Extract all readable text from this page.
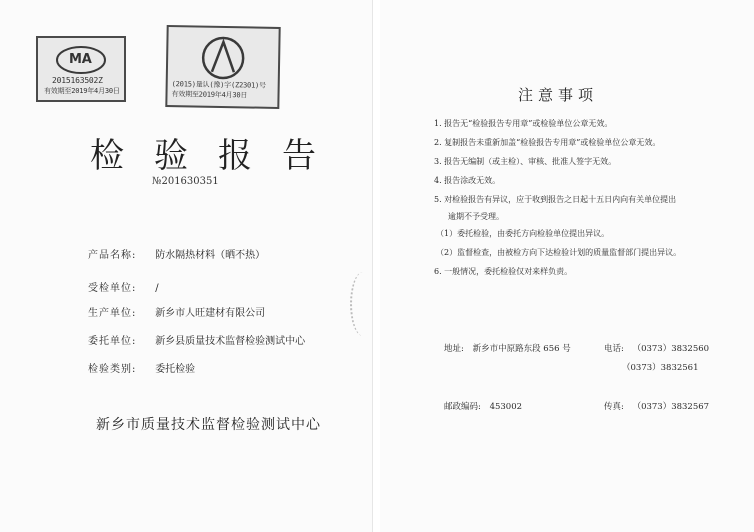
MA
2015163502Z
有效期至2019年4月30日
(2015)量认(豫)字(Z2301)号
有效期至2019年4月30日
检验报告
№201630351
产品名称: 防水隔热材料（晒不热）
受检单位: /
生产单位: 新乡市人旺建材有限公司
委托单位: 新乡县质量技术监督检验测试中心
检验类别: 委托检验
新乡市质量技术监督检验测试中心
注意事项
1. 报告无“检验报告专用章”或检验单位公章无效。
2. 复制报告未重新加盖“检验报告专用章”或检验单位公章无效。
3. 报告无编制（或主检）、审核、批准人签字无效。
4. 报告涂改无效。
5. 对检验报告有异议，应于收到报告之日起十五日内向有关单位提出
逾期不予受理。
（1）委托检验，由委托方向检验单位提出异议。
（2）监督检查，由被检方向下达检验计划的质量监督部门提出异议。
6. 一般情况，委托检验仅对来样负责。
地址: 新乡市中原路东段 656 号	电话: （0373）3832560
（0373）3832561
邮政编码: 453002	传真: （0373）3832567
